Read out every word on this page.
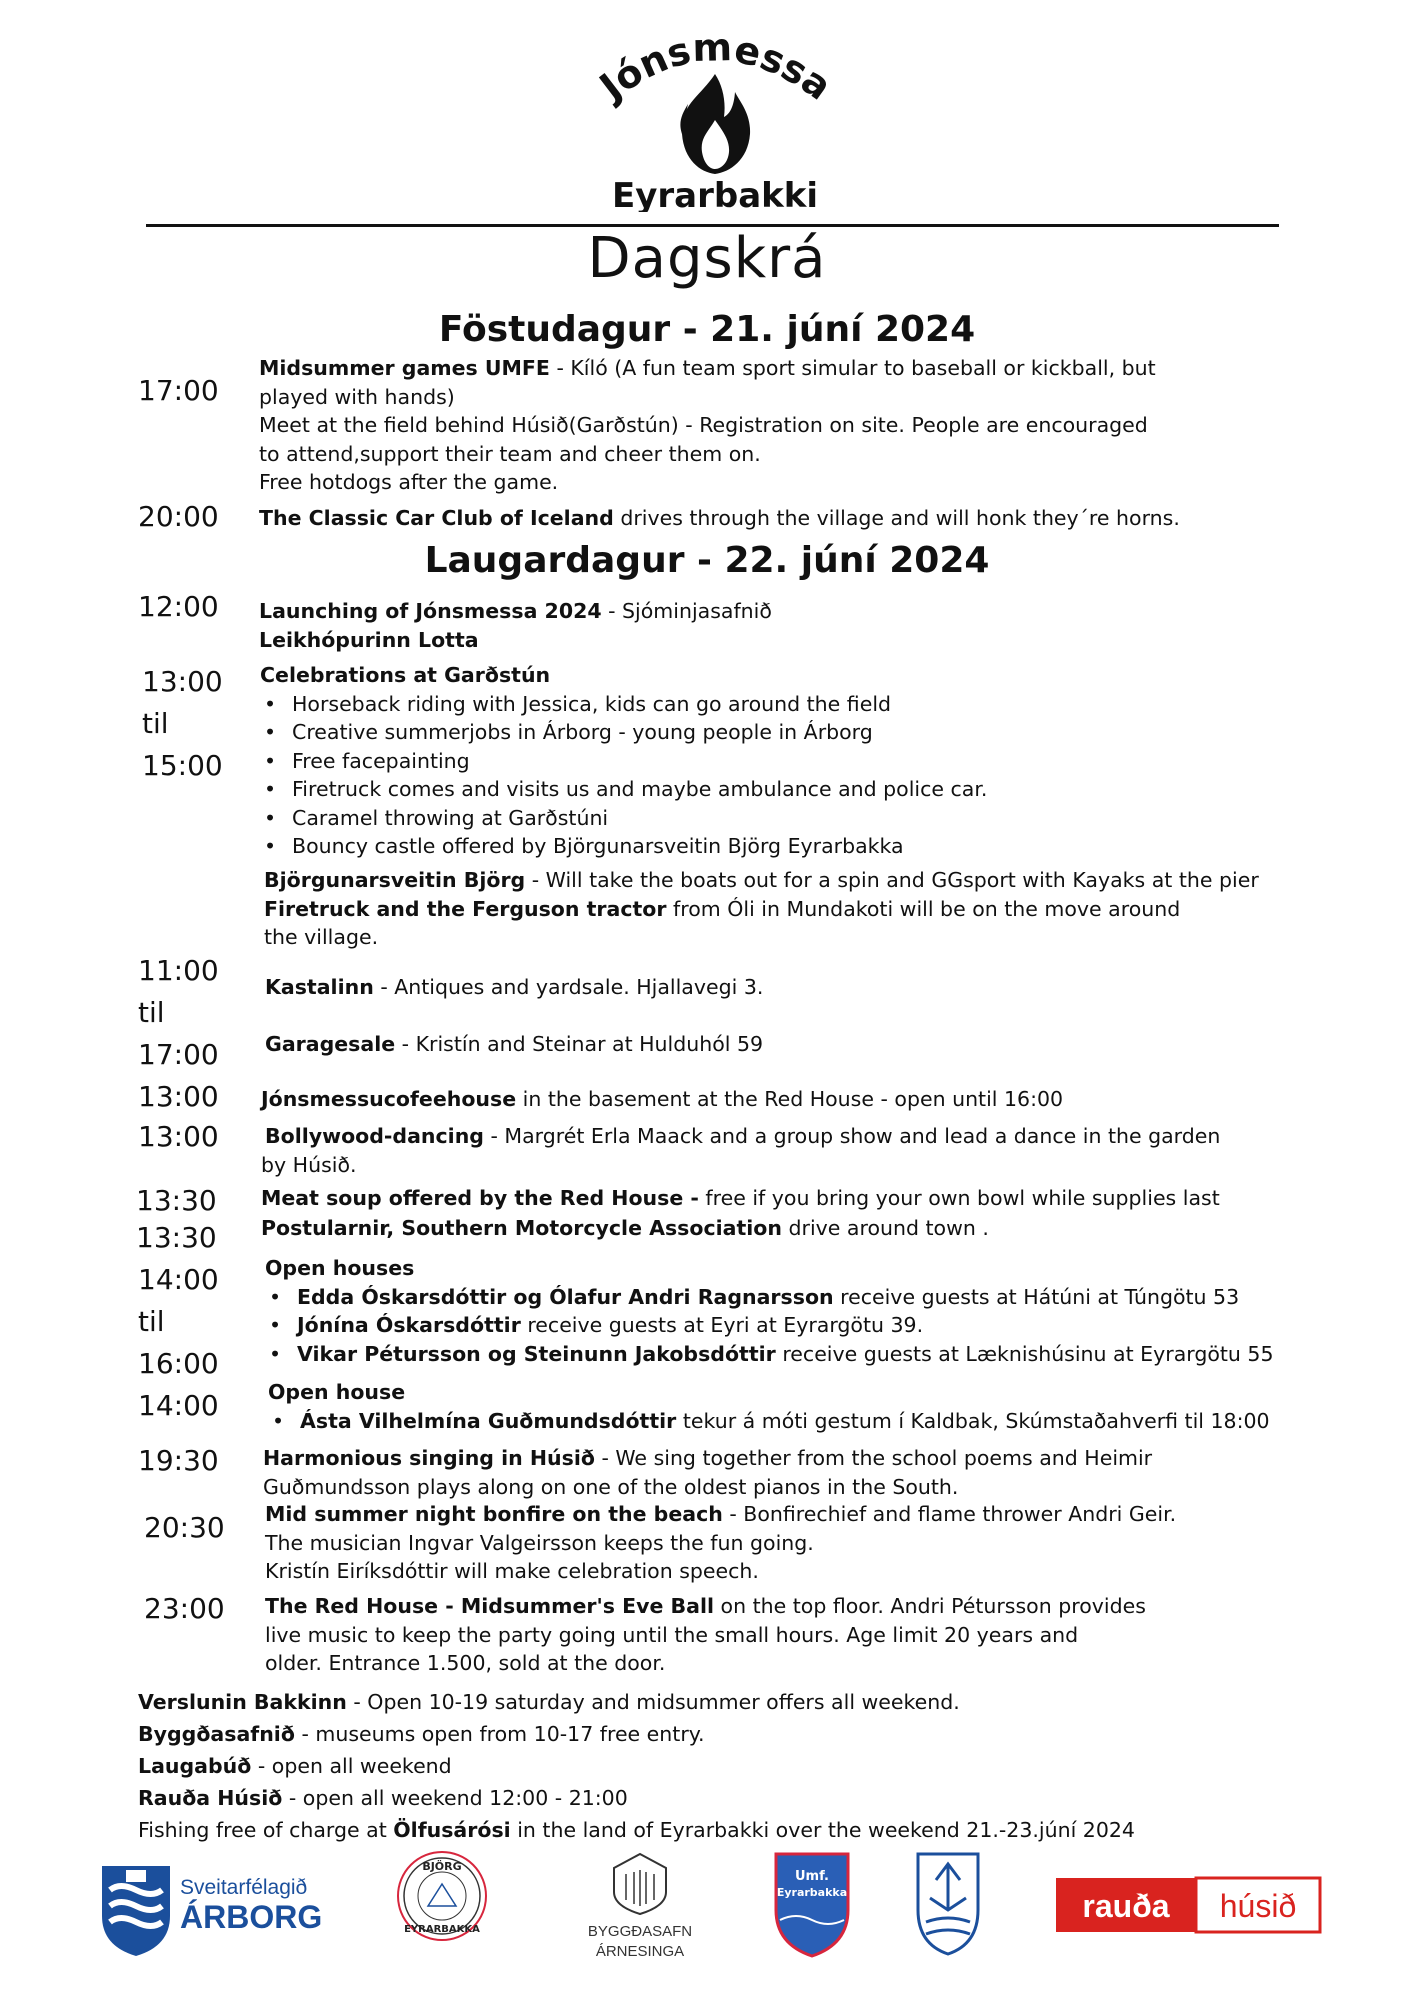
Jónsmessa
Eyrarbakki
Dagskrá
Föstudagur - 21. júní 2024
17:00
Midsummer games UMFE - Kíló (A fun team sport simular to baseball or kickball, but
played with hands)
Meet at the field behind Húsið(Garðstún) - Registration on site. People are encouraged
to attend,support their team and cheer them on.
Free hotdogs after the game.
20:00 The Classic Car Club of Iceland drives through the village and will honk they´re horns.
Laugardagur - 22. júní 2024
12:00 Launching of Jónsmessa 2024 - Sjóminjasafnið
Leikhópurinn Lotta
13:00
til
15:00
Celebrations at Garðstún
• Horseback riding with Jessica, kids can go around the field
• Creative summerjobs in Árborg - young people in Árborg
• Free facepainting
• Firetruck comes and visits us and maybe ambulance and police car.
• Caramel throwing at Garðstúni
• Bouncy castle offered by Björgunarsveitin Björg Eyrarbakka
Björgunarsveitin Björg - Will take the boats out for a spin and GGsport with Kayaks at the pier
Firetruck and the Ferguson tractor from Óli in Mundakoti will be on the move around
the village.
11:00
til
17:00
Kastalinn - Antiques and yardsale. Hjallavegi 3.
Garagesale - Kristín and Steinar at Hulduhól 59
13:00 Jónsmessucofeehouse in the basement at the Red House - open until 16:00
13:00 Bollywood-dancing - Margrét Erla Maack and a group show and lead a dance in the garden
by Húsið.
13:30 Meat soup offered by the Red House - free if you bring your own bowl while supplies last
13:30 Postularnir, Southern Motorcycle Association drive around town .
14:00
til
16:00
Open houses
• Edda Óskarsdóttir og Ólafur Andri Ragnarsson receive guests at Hátúni at Túngötu 53
• Jónína Óskarsdóttir receive guests at Eyri at Eyrargötu 39.
• Vikar Pétursson og Steinunn Jakobsdóttir receive guests at Læknishúsinu at Eyrargötu 55
14:00 Open house
• Ásta Vilhelmína Guðmundsdóttir tekur á móti gestum í Kaldbak, Skúmstaðahverfi til 18:00
19:30 Harmonious singing in Húsið - We sing together from the school poems and Heimir
Guðmundsson plays along on one of the oldest pianos in the South.
20:30 Mid summer night bonfire on the beach - Bonfirechief and flame thrower Andri Geir.
The musician Ingvar Valgeirsson keeps the fun going.
Kristín Eiríksdóttir will make celebration speech.
23:00 The Red House - Midsummer's Eve Ball on the top floor. Andri Pétursson provides
live music to keep the party going until the small hours. Age limit 20 years and
older. Entrance 1.500, sold at the door.
Verslunin Bakkinn - Open 10-19 saturday and midsummer offers all weekend.
Byggðasafnið - museums open from 10-17 free entry.
Laugabúð - open all weekend
Rauða Húsið - open all weekend 12:00 - 21:00
Fishing free of charge at Ölfusárósi in the land of Eyrarbakki over the weekend 21.-23.júní 2024
Sveitarfélagið
ÁRBORG
BJÖRG
EYRARBAKKA	BYGGÐASAFN
ÁRNESINGA
Umf.
Eyrarbakka	rauða húsið
